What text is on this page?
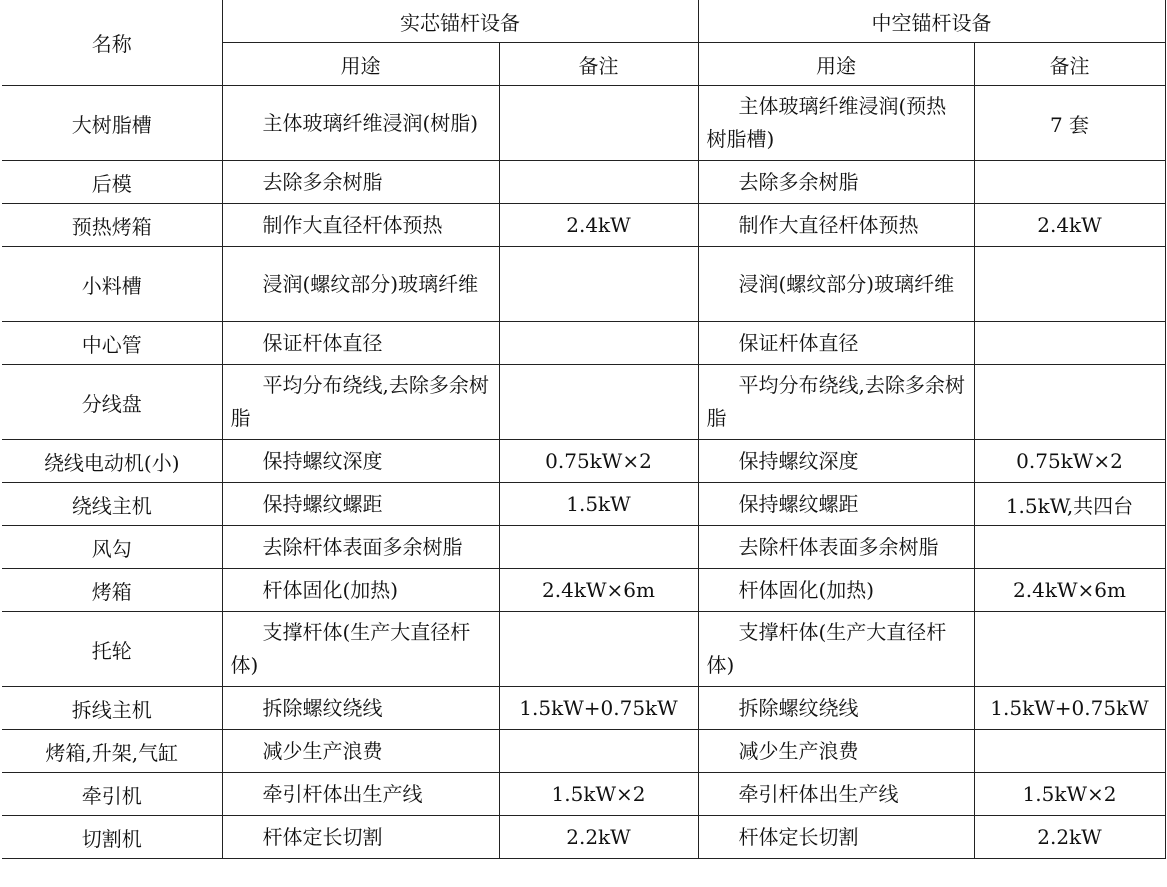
名称	实芯锚杆设备		中空锚杆设备	
	用途	备注	用途	备注
大树脂槽	主体玻璃纤维浸润(树脂)		主体玻璃纤维浸润(预热树脂槽)	7 套
后模	去除多余树脂		去除多余树脂	
预热烤箱	制作大直径杆体预热	2.4kW	制作大直径杆体预热	2.4kW
小料槽	浸润(螺纹部分)玻璃纤维		浸润(螺纹部分)玻璃纤维	
中心管	保证杆体直径		保证杆体直径	
分线盘	平均分布绕线,去除多余树脂		平均分布绕线,去除多余树脂	
绕线电动机(小)	保持螺纹深度	0.75kW×2	保持螺纹深度	0.75kW×2
绕线主机	保持螺纹螺距	1.5kW	保持螺纹螺距	1.5kW,共四台
风勾	去除杆体表面多余树脂		去除杆体表面多余树脂	
烤箱	杆体固化(加热)	2.4kW×6m	杆体固化(加热)	2.4kW×6m
托轮	支撑杆体(生产大直径杆体)		支撑杆体(生产大直径杆体)	
拆线主机	拆除螺纹绕线	1.5kW+0.75kW	拆除螺纹绕线	1.5kW+0.75kW
烤箱,升架,气缸	减少生产浪费		减少生产浪费	
牵引机	牵引杆体出生产线	1.5kW×2	牵引杆体出生产线	1.5kW×2
切割机	杆体定长切割	2.2kW	杆体定长切割	2.2kW
